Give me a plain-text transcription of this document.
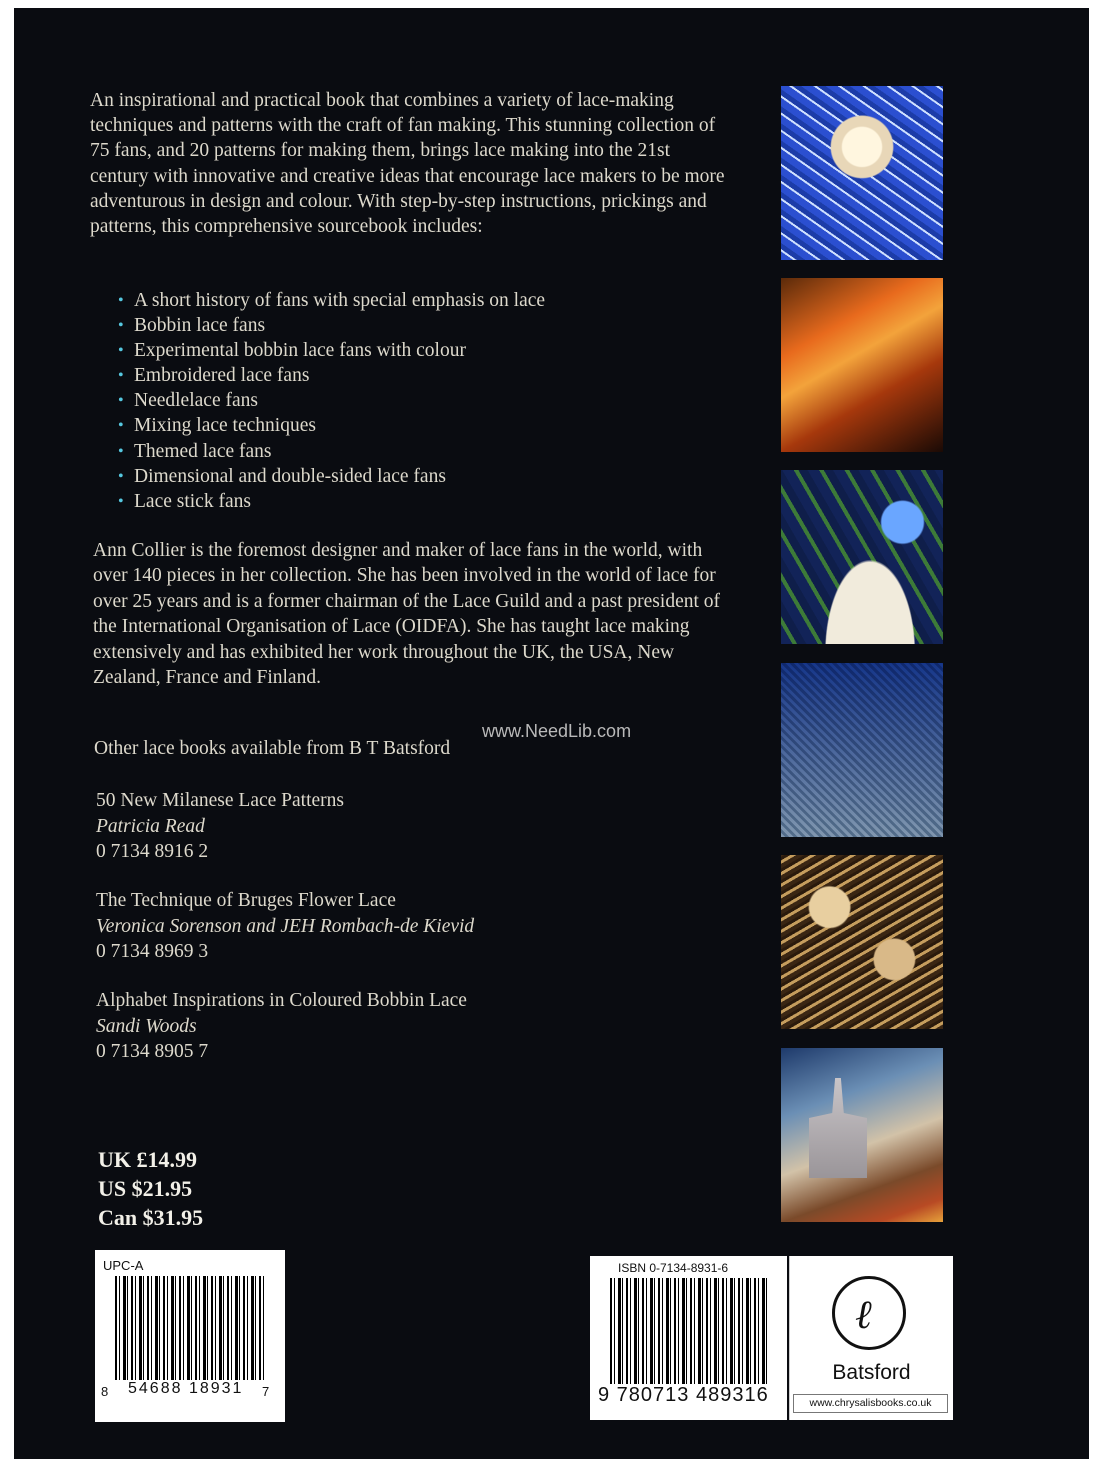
An inspirational and practical book that combines a variety of lace-making techniques and patterns with the craft of fan making. This stunning collection of 75 fans, and 20 patterns for making them, brings lace making into the 21st century with innovative and creative ideas that encourage lace makers to be more adventurous in design and colour. With step-by-step instructions, prickings and patterns, this comprehensive sourcebook includes:

• A short history of fans with special emphasis on lace
• Bobbin lace fans
• Experimental bobbin lace fans with colour
• Embroidered lace fans
• Needlelace fans
• Mixing lace techniques
• Themed lace fans
• Dimensional and double-sided lace fans
• Lace stick fans

Ann Collier is the foremost designer and maker of lace fans in the world, with over 140 pieces in her collection. She has been involved in the world of lace for over 25 years and is a former chairman of the Lace Guild and a past president of the International Organisation of Lace (OIDFA). She has taught lace making extensively and has exhibited her work throughout the UK, the USA, New Zealand, France and Finland.

www.NeedLib.com
Other lace books available from B T Batsford
50 New Milanese Lace Patterns
Patricia Read
0 7134 8916 2
The Technique of Bruges Flower Lace
Veronica Sorenson and JEH Rombach-de Kievid
0 7134 8969 3
Alphabet Inspirations in Coloured Bobbin Lace
Sandi Woods
0 7134 8905 7
UK £14.99
US $21.95
Can $31.95
UPC-A
8 54688 18931 7
ISBN 0-7134-8931-6
9 780713 489316
ℓ
Batsford
www.chrysalisbooks.co.uk
